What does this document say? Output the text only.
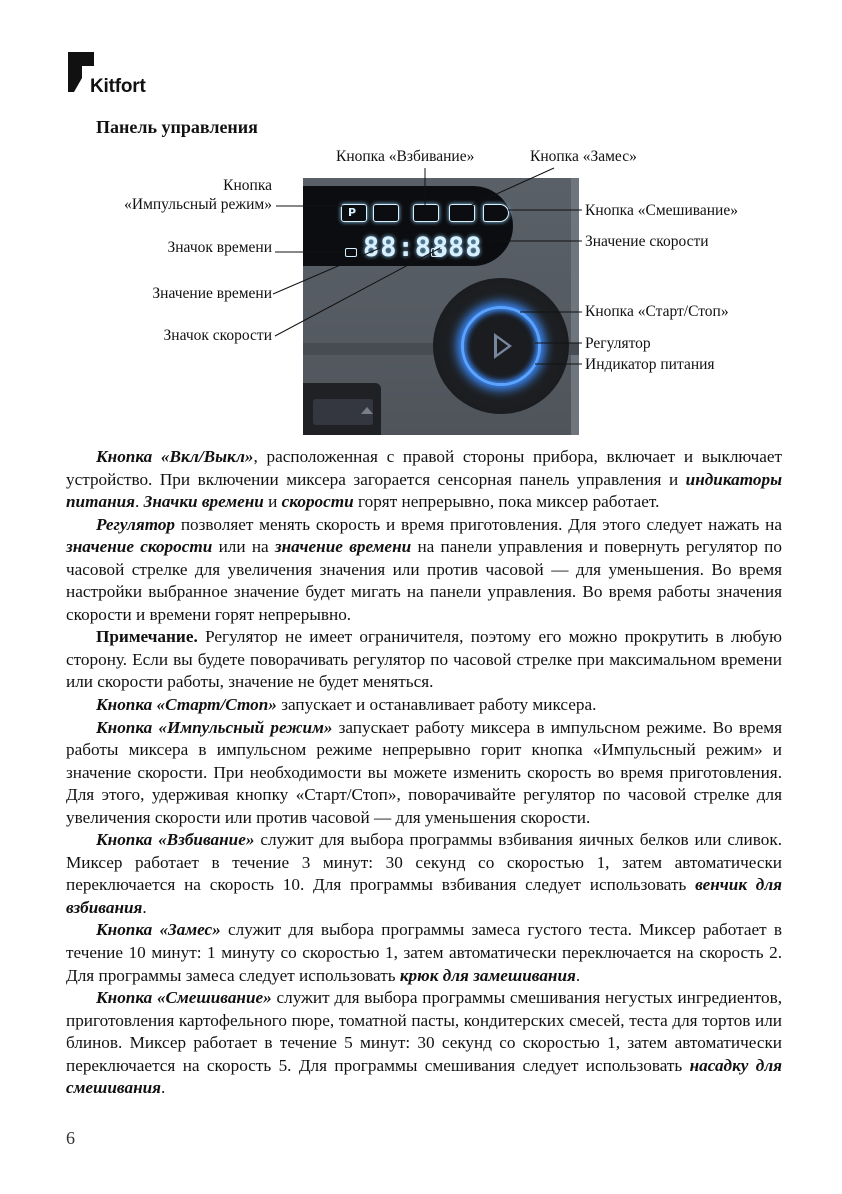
Kitfort
Панель управления
P
88:88
88
Кнопка «Взбивание»	Кнопка «Замес»
Кнопка
«Импульсный режим»	Кнопка «Смешивание»
Значок времени	Значение скорости
Значение времени
Кнопка «Старт/Стоп»
Значок скорости	Регулятор
Индикатор питания

Кнопка «Вкл/Выкл», расположенная с правой стороны прибора, включает и выключает устройство. При включении миксера загорается сенсорная панель управления и индикаторы питания. Значки времени и скорости горят непрерывно, пока миксер работает.

Регулятор позволяет менять скорость и время приготовления. Для этого следует нажать на значение скорости или на значение времени на панели управления и повернуть регулятор по часовой стрелке для увеличения значения или против часовой — для уменьшения. Во время настройки выбранное значение будет мигать на панели управления. Во время работы значения скорости и времени горят непрерывно.

Примечание. Регулятор не имеет ограничителя, поэтому его можно прокрутить в любую сторону. Если вы будете поворачивать регулятор по часовой стрелке при максимальном времени или скорости работы, значение не будет меняться.

Кнопка «Старт/Стоп» запускает и останавливает работу миксера.

Кнопка «Импульсный режим» запускает работу миксера в импульсном режиме. Во время работы миксера в импульсном режиме непрерывно горит кнопка «Импульсный режим» и значение скорости. При необходимости вы можете изменить скорость во время приготовления. Для этого, удерживая кнопку «Старт/Стоп», поворачивайте регулятор по часовой стрелке для увеличения скорости или против часовой — для уменьшения скорости.

Кнопка «Взбивание» служит для выбора программы взбивания яичных белков или сливок. Миксер работает в течение 3 минут: 30 секунд со скоростью 1, затем автоматически переключается на скорость 10. Для программы взбивания следует использовать венчик для взбивания.

Кнопка «Замес» служит для выбора программы замеса густого теста. Миксер работает в течение 10 минут: 1 минуту со скоростью 1, затем автоматически переключается на скорость 2. Для программы замеса следует использовать крюк для замешивания.

Кнопка «Смешивание» служит для выбора программы смешивания негустых ингредиентов, приготовления картофельного пюре, томатной пасты, кондитерских смесей, теста для тортов или блинов. Миксер работает в течение 5 минут: 30 секунд со скоростью 1, затем автоматически переключается на скорость 5. Для программы смешивания следует использовать насадку для смешивания.

6
